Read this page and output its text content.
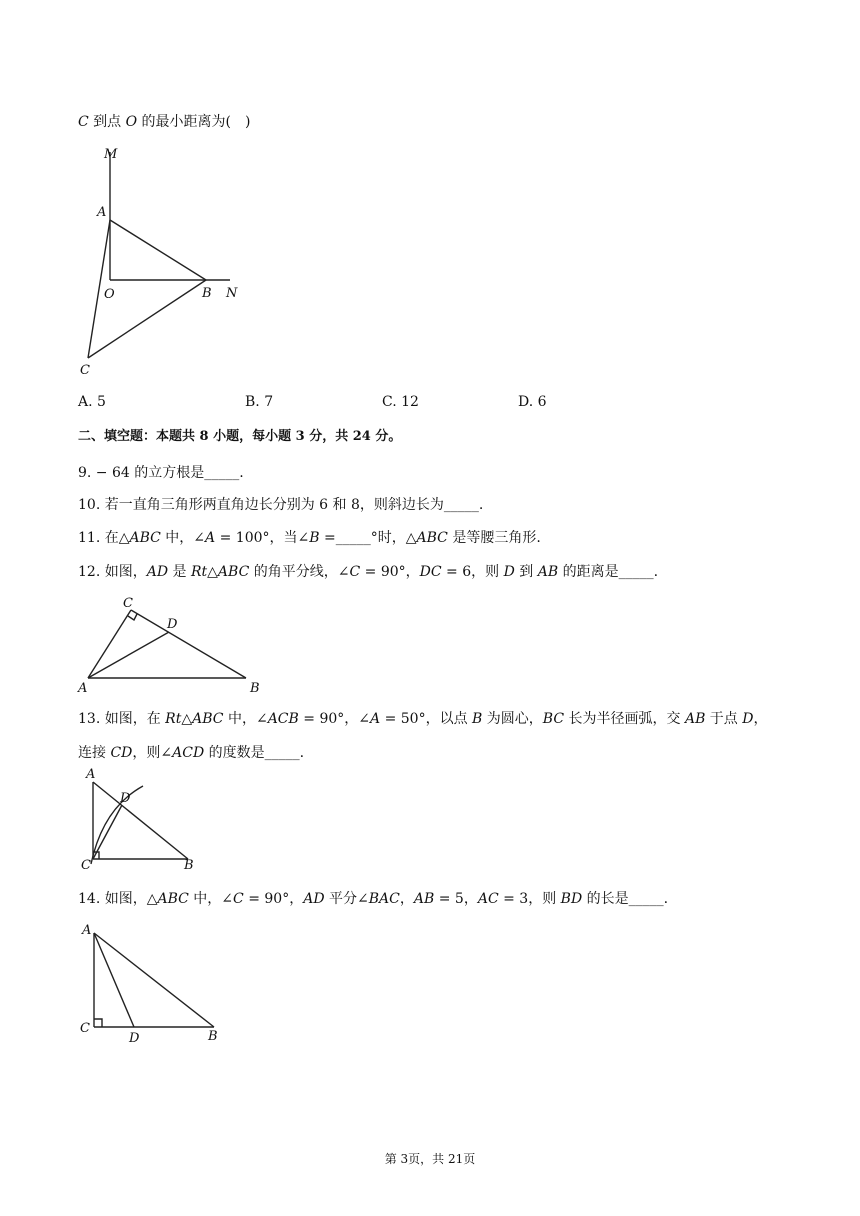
C 到点 O 的最小距离为( )
M
A
O	B N
C
A. 5	B. 7	C. 12	D. 6
二、填空题：本题共 8 小题，每小题 3 分，共 24 分。
9. − 64 的立方根是_____.
10. 若一直角三角形两直角边长分别为 6 和 8，则斜边长为_____.
11. 在△ABC 中，∠A = 100°，当∠B =_____°时，△ABC 是等腰三角形.
12. 如图，AD 是 Rt△ABC 的角平分线，∠C = 90°，DC = 6，则 D 到 AB 的距离是_____.
C
D
A	B
13. 如图，在 Rt△ABC 中，∠ACB = 90°，∠A = 50°，以点 B 为圆心，BC 长为半径画弧，交 AB 于点 D，
连接 CD，则∠ACD 的度数是_____.
A
D
C	B
14. 如图，△ABC 中，∠C = 90°，AD 平分∠BAC，AB = 5，AC = 3，则 BD 的长是_____.
A
C
D	B
第 3页，共 21页
